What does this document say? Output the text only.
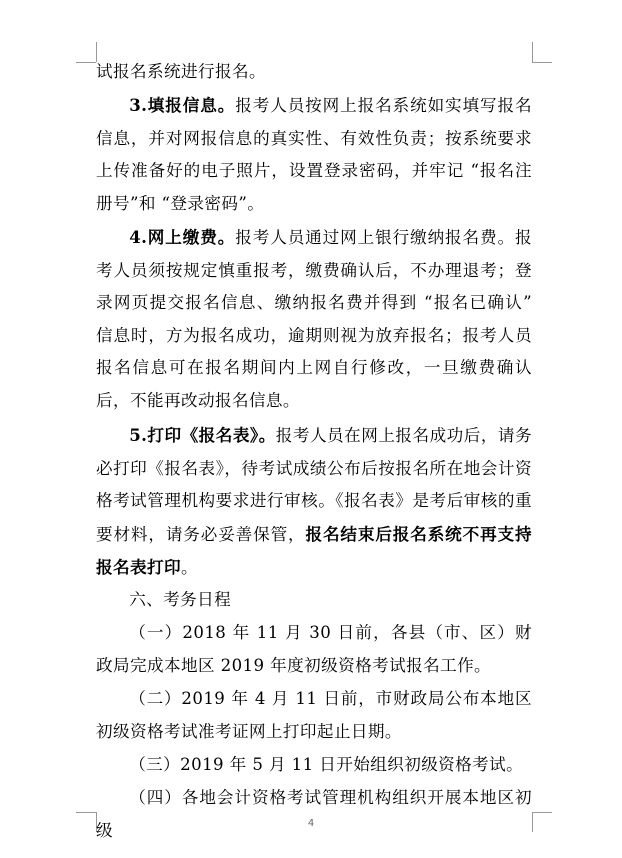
试报名系统进行报名。

3.填报信息。报考人员按网上报名系统如实填写报名信息，并对网报信息的真实性、有效性负责；按系统要求上传准备好的电子照片，设置登录密码，并牢记 “报名注册号”和 “登录密码”。

4.网上缴费。报考人员通过网上银行缴纳报名费。报考人员须按规定慎重报考，缴费确认后，不办理退考；登录网页提交报名信息、缴纳报名费并得到 “报名已确认” 信息时，方为报名成功，逾期则视为放弃报名；报考人员报名信息可在报名期间内上网自行修改，一旦缴费确认后，不能再改动报名信息。

5.打印《报名表》。报考人员在网上报名成功后，请务必打印《报名表》，待考试成绩公布后按报名所在地会计资格考试管理机构要求进行审核。《报名表》是考后审核的重要材料，请务必妥善保管，报名结束后报名系统不再支持报名表打印。

六、考务日程

（一）2018 年 11 月 30 日前，各县（市、区）财政局完成本地区 2019 年度初级资格考试报名工作。

（二）2019 年 4 月 11 日前，市财政局公布本地区初级资格考试准考证网上打印起止日期。

（三）2019 年 5 月 11 日开始组织初级资格考试。

（四）各地会计资格考试管理机构组织开展本地区初级	4
